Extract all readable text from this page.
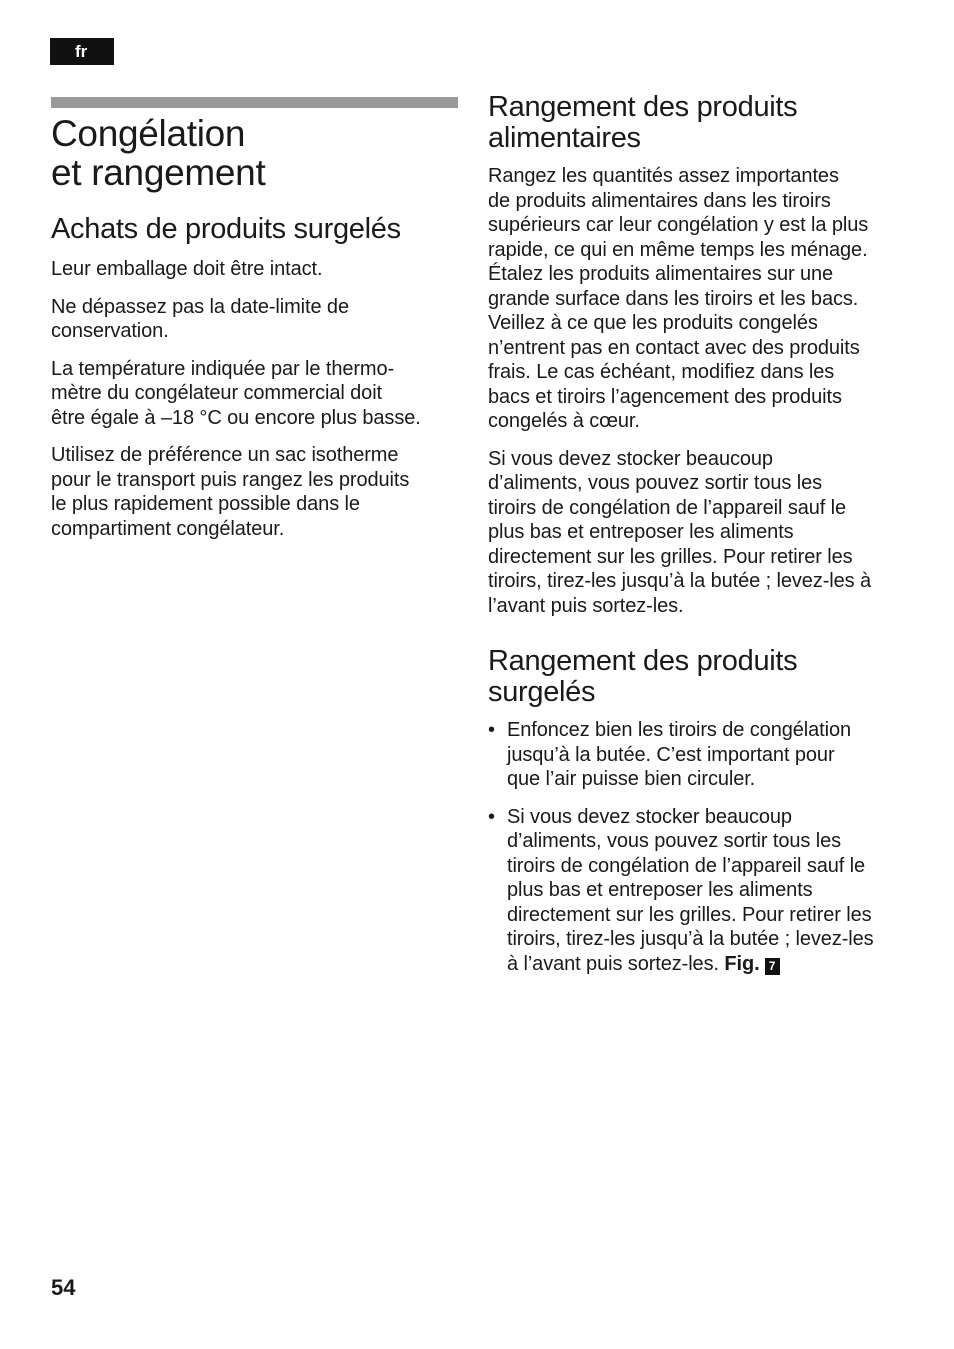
fr
Congélation
et rangement
Achats de produits surgelés

Leur emballage doit être intact.

Ne dépassez pas la date-limite de
conservation.

La température indiquée par le thermo-
mètre du congélateur commercial doit
être égale à –18 °C ou encore plus basse.

Utilisez de préférence un sac isotherme
pour le transport puis rangez les produits
le plus rapidement possible dans le
compartiment congélateur.

Rangement des produits
alimentaires

Rangez les quantités assez importantes
de produits alimentaires dans les tiroirs
supérieurs car leur congélation y est la plus
rapide, ce qui en même temps les ménage.
Étalez les produits alimentaires sur une
grande surface dans les tiroirs et les bacs.
Veillez à ce que les produits congelés
n’entrent pas en contact avec des produits
frais. Le cas échéant, modifiez dans les
bacs et tiroirs l’agencement des produits
congelés à cœur.

Si vous devez stocker beaucoup
d’aliments, vous pouvez sortir tous les
tiroirs de congélation de l’appareil sauf le
plus bas et entreposer les aliments
directement sur les grilles. Pour retirer les
tiroirs, tirez-les jusqu’à la butée ; levez-les à
l’avant puis sortez-les.

Rangement des produits
surgelés
• Enfoncez bien les tiroirs de congélation
jusqu’à la butée. C’est important pour
que l’air puisse bien circuler.
• Si vous devez stocker beaucoup
d’aliments, vous pouvez sortir tous les
tiroirs de congélation de l’appareil sauf le
plus bas et entreposer les aliments
directement sur les grilles. Pour retirer les
tiroirs, tirez-les jusqu’à la butée ; levez-les
à l’avant puis sortez-les. Fig. 7
54
